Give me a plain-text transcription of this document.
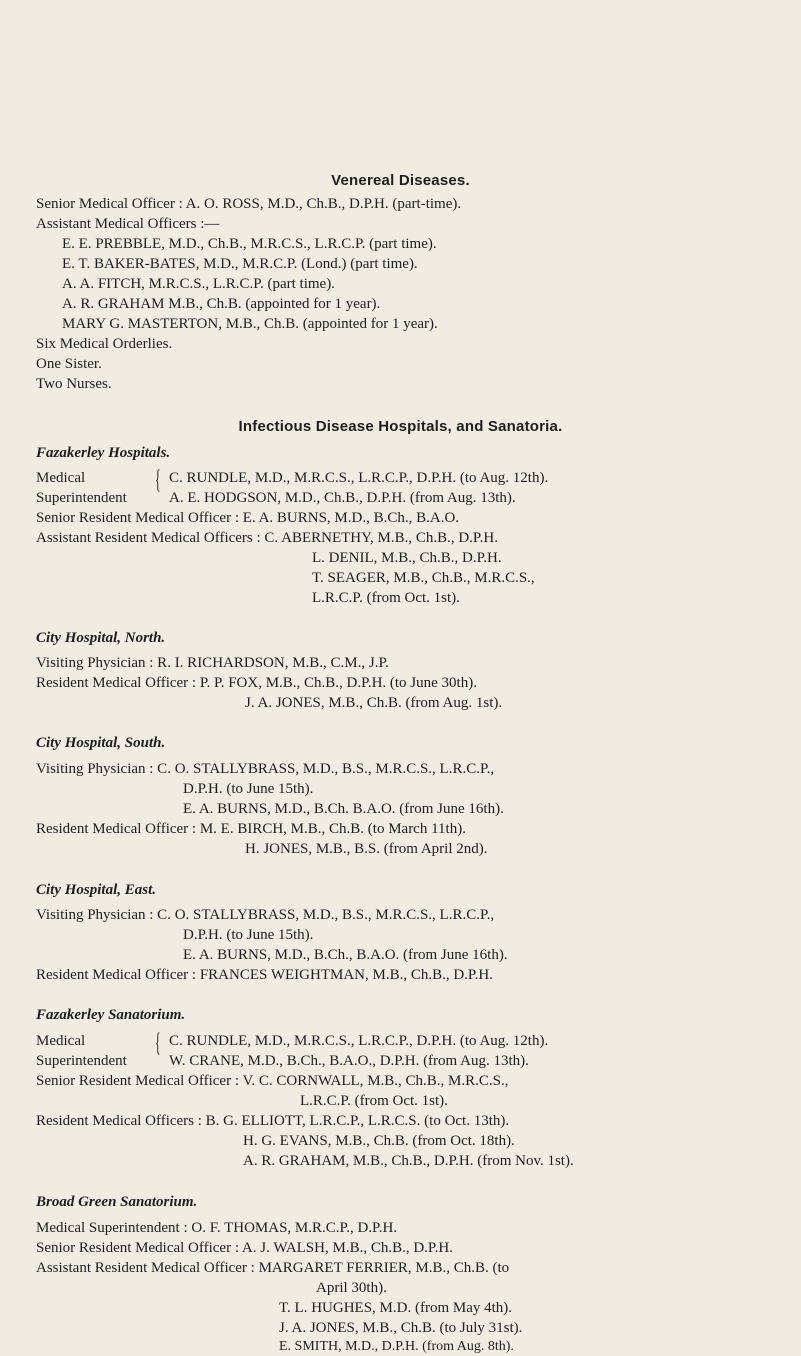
Venereal Diseases.
Senior Medical Officer : A. O. ROSS, M.D., Ch.B., D.P.H. (part-time).
Assistant Medical Officers :—
E. E. PREBBLE, M.D., Ch.B., M.R.C.S., L.R.C.P. (part time).
E. T. BAKER-BATES, M.D., M.R.C.P. (Lond.) (part time).
A. A. FITCH, M.R.C.S., L.R.C.P. (part time).
A. R. GRAHAM M.B., Ch.B. (appointed for 1 year).
MARY G. MASTERTON, M.B., Ch.B. (appointed for 1 year).
Six Medical Orderlies.
One Sister.
Two Nurses.
Infectious Disease Hospitals, and Sanatoria.
Fazakerley Hospitals.
Medical	{ C. RUNDLE, M.D., M.R.C.S., L.R.C.P., D.P.H. (to Aug. 12th).
Superintendent	A. E. HODGSON, M.D., Ch.B., D.P.H. (from Aug. 13th).
Senior Resident Medical Officer : E. A. BURNS, M.D., B.Ch., B.A.O.
Assistant Resident Medical Officers : C. ABERNETHY, M.B., Ch.B., D.P.H.
L. DENIL, M.B., Ch.B., D.P.H.
T. SEAGER, M.B., Ch.B., M.R.C.S.,
L.R.C.P. (from Oct. 1st).
City Hospital, North.
Visiting Physician : R. I. RICHARDSON, M.B., C.M., J.P.
Resident Medical Officer : P. P. FOX, M.B., Ch.B., D.P.H. (to June 30th).
J. A. JONES, M.B., Ch.B. (from Aug. 1st).
City Hospital, South.
Visiting Physician : C. O. STALLYBRASS, M.D., B.S., M.R.C.S., L.R.C.P.,
D.P.H. (to June 15th).
E. A. BURNS, M.D., B.Ch. B.A.O. (from June 16th).
Resident Medical Officer : M. E. BIRCH, M.B., Ch.B. (to March 11th).
H. JONES, M.B., B.S. (from April 2nd).
City Hospital, East.
Visiting Physician : C. O. STALLYBRASS, M.D., B.S., M.R.C.S., L.R.C.P.,
D.P.H. (to June 15th).
E. A. BURNS, M.D., B.Ch., B.A.O. (from June 16th).
Resident Medical Officer : FRANCES WEIGHTMAN, M.B., Ch.B., D.P.H.
Fazakerley Sanatorium.
Medical	{ C. RUNDLE, M.D., M.R.C.S., L.R.C.P., D.P.H. (to Aug. 12th).
Superintendent	W. CRANE, M.D., B.Ch., B.A.O., D.P.H. (from Aug. 13th).
Senior Resident Medical Officer : V. C. CORNWALL, M.B., Ch.B., M.R.C.S.,
L.R.C.P. (from Oct. 1st).
Resident Medical Officers : B. G. ELLIOTT, L.R.C.P., L.R.C.S. (to Oct. 13th).
H. G. EVANS, M.B., Ch.B. (from Oct. 18th).
A. R. GRAHAM, M.B., Ch.B., D.P.H. (from Nov. 1st).
Broad Green Sanatorium.
Medical Superintendent : O. F. THOMAS, M.R.C.P., D.P.H.
Senior Resident Medical Officer : A. J. WALSH, M.B., Ch.B., D.P.H.
Assistant Resident Medical Officer : MARGARET FERRIER, M.B., Ch.B. (to
April 30th).
T. L. HUGHES, M.D. (from May 4th).
J. A. JONES, M.B., Ch.B. (to July 31st).
E. SMITH, M.D., D.P.H. (from Aug. 8th).
